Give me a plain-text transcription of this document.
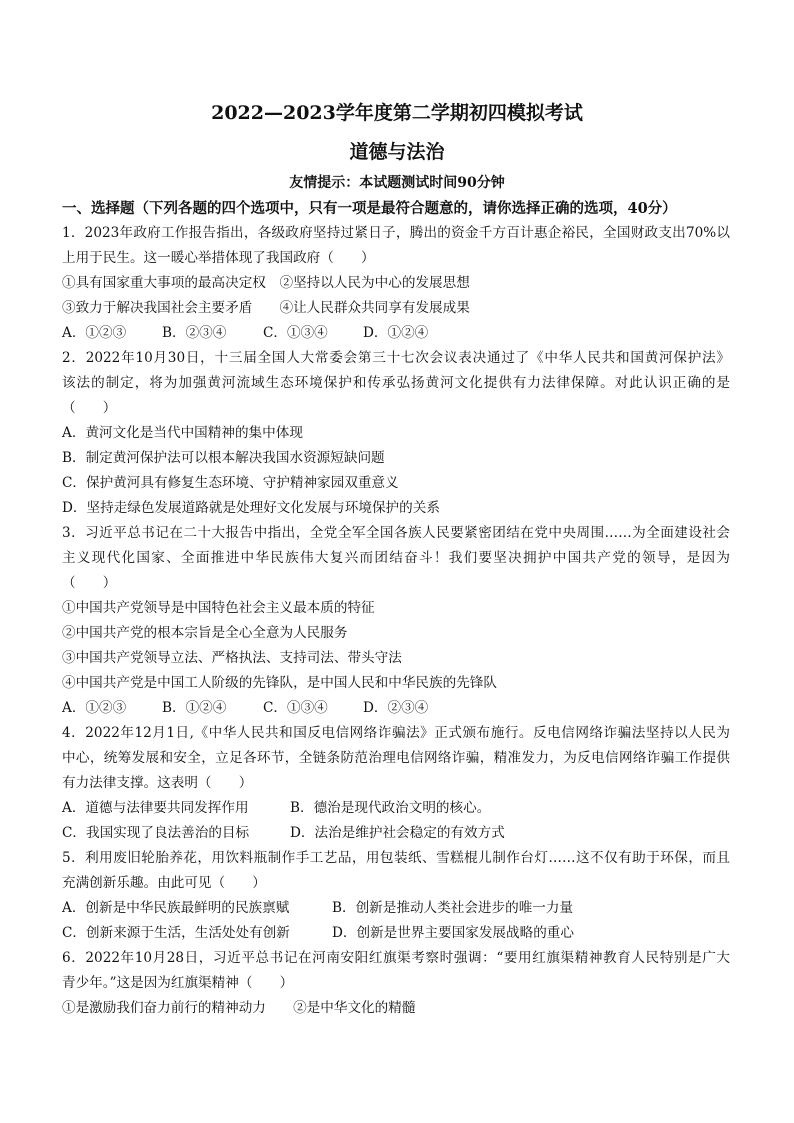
2022—2023学年度第二学期初四模拟考试
道德与法治
友情提示：本试题测试时间90分钟
一、选择题（下列各题的四个选项中，只有一项是最符合题意的，请你选择正确的选项，40分）
1．2023年政府工作报告指出，各级政府坚持过紧日子，腾出的资金千方百计惠企裕民，全国财政支出70%以
上用于民生。这一暖心举措体现了我国政府（　　）
①具有国家重大事项的最高决定权　②坚持以人民为中心的发展思想
③致力于解决我国社会主要矛盾　　④让人民群众共同享有发展成果
A．①②③	B．②③④	C．①③④	D．①②④
2．2022年10月30日，十三届全国人大常委会第三十七次会议表决通过了《中华人民共和国黄河保护法》
该法的制定，将为加强黄河流域生态环境保护和传承弘扬黄河文化提供有力法律保障。对此认识正确的是
（　　）
A．黄河文化是当代中国精神的集中体现
B．制定黄河保护法可以根本解决我国水资源短缺问题
C．保护黄河具有修复生态环境、守护精神家园双重意义
D．坚持走绿色发展道路就是处理好文化发展与环境保护的关系
3．习近平总书记在二十大报告中指出，全党全军全国各族人民要紧密团结在党中央周围……为全面建设社会
主义现代化国家、全面推进中华民族伟大复兴而团结奋斗！我们要坚决拥护中国共产党的领导，是因为
（　　）
①中国共产党领导是中国特色社会主义最本质的特征
②中国共产党的根本宗旨是全心全意为人民服务
③中国共产党领导立法、严格执法、支持司法、带头守法
④中国共产党是中国工人阶级的先锋队，是中国人民和中华民族的先锋队
A．①②③	B．①②④	C．①③④	D．②③④
4．2022年12月1日,《中华人民共和国反电信网络诈骗法》正式颁布施行。反电信网络诈骗法坚持以人民为
中心，统筹发展和安全，立足各环节，全链条防范治理电信网络诈骗，精准发力，为反电信网络诈骗工作提供
有力法律支撑。这表明（　　）
A．道德与法律要共同发挥作用	B．德治是现代政治文明的核心。
C．我国实现了良法善治的目标	D．法治是维护社会稳定的有效方式
5．利用废旧轮胎养花，用饮料瓶制作手工艺品，用包装纸、雪糕棍儿制作台灯……这不仅有助于环保，而且
充满创新乐趣。由此可见（　　）
A．创新是中华民族最鲜明的民族禀赋	B．创新是推动人类社会进步的唯一力量
C．创新来源于生活，生活处处有创新	D．创新是世界主要国家发展战略的重心
6．2022年10月28日，习近平总书记在河南安阳红旗渠考察时强调：“要用红旗渠精神教育人民特别是广大
青少年。”这是因为红旗渠精神（　　）
①是激励我们奋力前行的精神动力　　②是中华文化的精髓
